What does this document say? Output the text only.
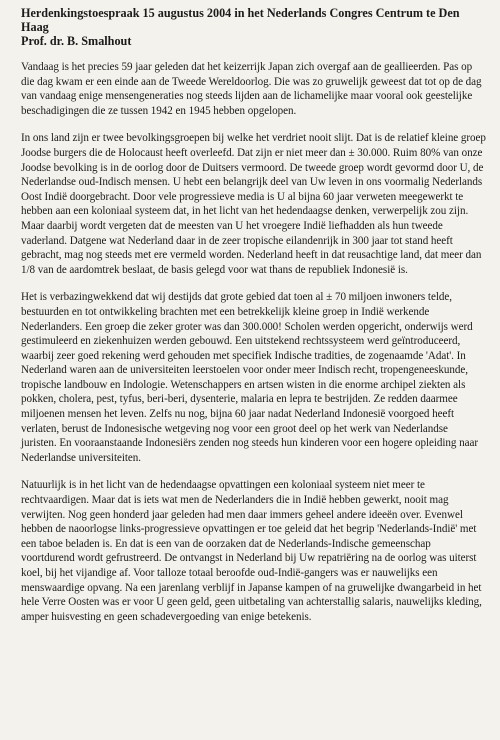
Herdenkingstoespraak 15 augustus 2004 in het Nederlands Congres Centrum te Den Haag
Prof. dr. B. Smalhout

Vandaag is het precies 59 jaar geleden dat het keizerrijk Japan zich overgaf aan de geallieerden. Pas op die dag kwam er een einde aan de Tweede Wereldoorlog. Die was zo gruwelijk geweest dat tot op de dag van vandaag enige mensengeneraties nog steeds lijden aan de lichamelijke maar vooral ook geestelijke beschadigingen die ze tussen 1942 en 1945 hebben opgelopen.

In ons land zijn er twee bevolkingsgroepen bij welke het verdriet nooit slijt. Dat is de relatief kleine groep Joodse burgers die de Holocaust heeft overleefd. Dat zijn er niet meer dan ± 30.000. Ruim 80% van onze Joodse bevolking is in de oorlog door de Duitsers vermoord. De tweede groep wordt gevormd door U, de Nederlandse oud-Indisch mensen. U hebt een belangrijk deel van Uw leven in ons voormalig Nederlands Oost Indië doorgebracht. Door vele progressieve media is U al bijna 60 jaar verweten meegewerkt te hebben aan een koloniaal systeem dat, in het licht van het hedendaagse denken, verwerpelijk zou zijn. Maar daarbij wordt vergeten dat de meesten van U het vroegere Indië liefhadden als hun tweede vaderland. Datgene wat Nederland daar in de zeer tropische eilandenrijk in 300 jaar tot stand heeft gebracht, mag nog steeds met ere vermeld worden. Nederland heeft in dat reusachtige land, dat meer dan 1/8 van de aardomtrek beslaat, de basis gelegd voor wat thans de republiek Indonesië is.

Het is verbazingwekkend dat wij destijds dat grote gebied dat toen al ± 70 miljoen inwoners telde, bestuurden en tot ontwikkeling brachten met een betrekkelijk kleine groep in Indië werkende Nederlanders. Een groep die zeker groter was dan 300.000! Scholen werden opgericht, onderwijs werd gestimuleerd en ziekenhuizen werden gebouwd. Een uitstekend rechtssysteem werd geïntroduceerd, waarbij zeer goed rekening werd gehouden met specifiek Indische tradities, de zogenaamde 'Adat'. In Nederland waren aan de universiteiten leerstoelen voor onder meer Indisch recht, tropengeneeskunde, tropische landbouw en Indologie. Wetenschappers en artsen wisten in die enorme archipel ziekten als pokken, cholera, pest, tyfus, beri-beri, dysenterie, malaria en lepra te bestrijden. Ze redden daarmee miljoenen mensen het leven. Zelfs nu nog, bijna 60 jaar nadat Nederland Indonesië voorgoed heeft verlaten, berust de Indonesische wetgeving nog voor een groot deel op het werk van Nederlandse juristen. En vooraanstaande Indonesiërs zenden nog steeds hun kinderen voor een hogere opleiding naar Nederlandse universiteiten.

Natuurlijk is in het licht van de hedendaagse opvattingen een koloniaal systeem niet meer te rechtvaardigen. Maar dat is iets wat men de Nederlanders die in Indië hebben gewerkt, nooit mag verwijten. Nog geen honderd jaar geleden had men daar immers geheel andere ideeën over. Evenwel hebben de naoorlogse links-progressieve opvattingen er toe geleid dat het begrip 'Nederlands-Indië' met een taboe beladen is. En dat is een van de oorzaken dat de Nederlands-Indische gemeenschap voortdurend wordt gefrustreerd. De ontvangst in Nederland bij Uw repatriëring na de oorlog was uiterst koel, bij het vijandige af. Voor talloze totaal beroofde oud-Indië-gangers was er nauwelijks een menswaardige opvang. Na een jarenlang verblijf in Japanse kampen of na gruwelijke dwangarbeid in het hele Verre Oosten was er voor U geen geld, geen uitbetaling van achterstallig salaris, nauwelijks kleding, amper huisvesting en geen schadevergoeding van enige betekenis.
